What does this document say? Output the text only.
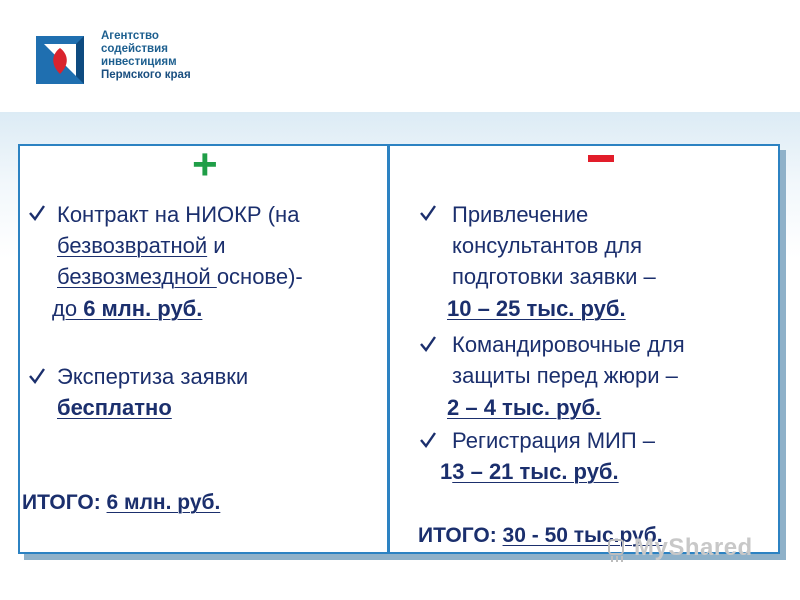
Агентство
содействия
инвестициям
Пермского края
+
Контракт на НИОКР (на
безвозвратной и
безвозмездной основе)-
до 6 млн. руб.
Экспертиза заявки
бесплатно
ИТОГО: 6 млн. руб.
Привлечение
консультантов для
подготовки заявки –
10 – 25 тыс. руб.
Командировочные для
защиты перед жюри –
2 – 4 тыс. руб.
Регистрация МИП –
13 – 21 тыс. руб.
ИТОГО: 30 - 50 тыс.руб.
MyShared
